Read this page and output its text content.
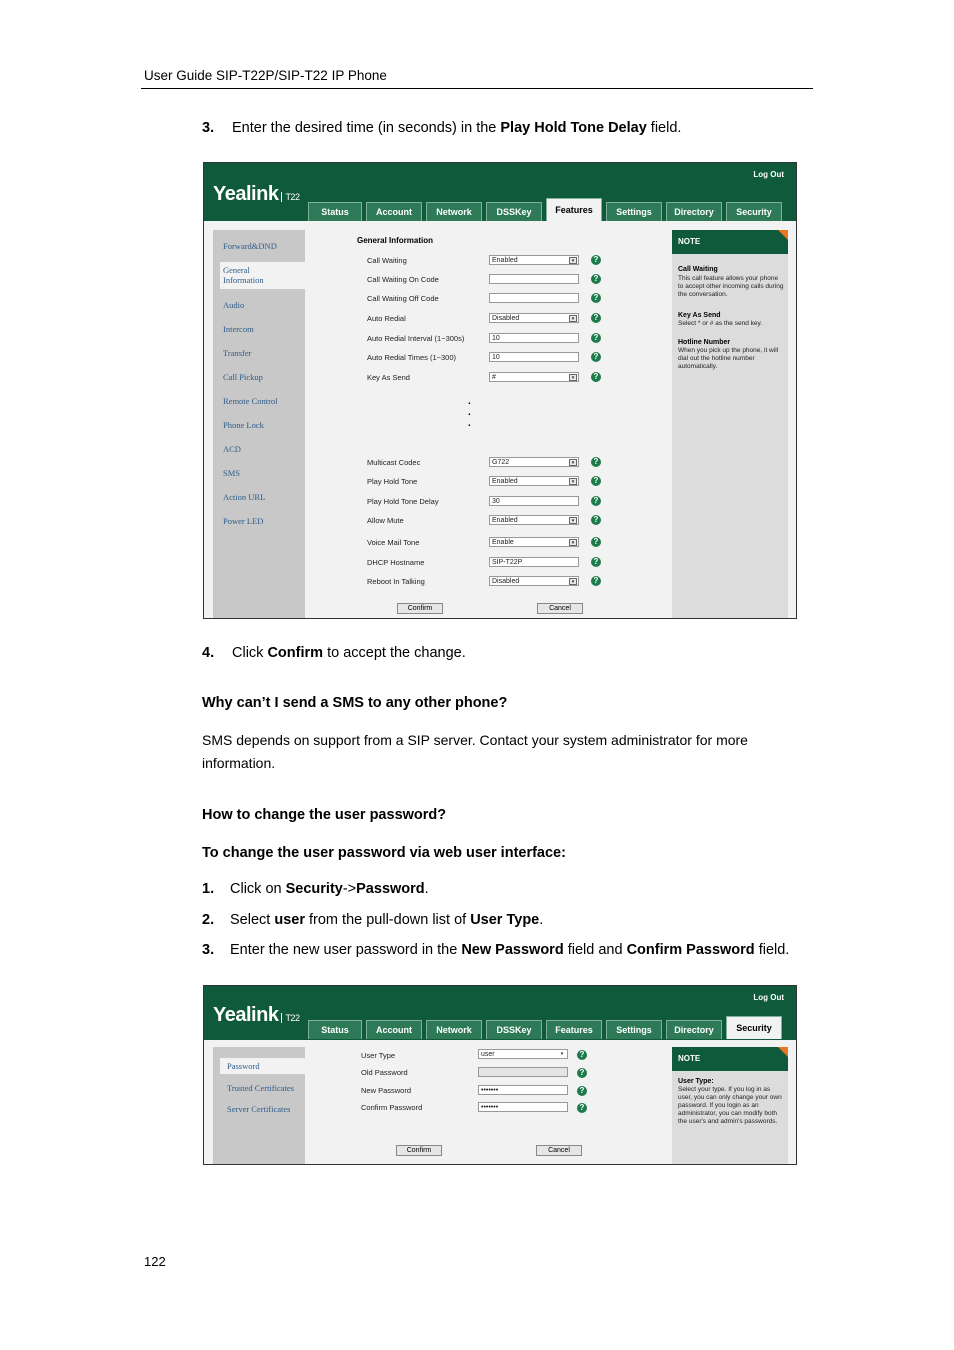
User Guide SIP-T22P/SIP-T22 IP Phone
3. Enter the desired time (in seconds) in the Play Hold Tone Delay field.
Yealink T22
Log Out
Status	Account	Network	DSSKey	Features	Settings	Directory	Security
Forward&DND
General Information
Audio
Intercom
Transfer
Call Pickup
Remote Control
Phone Lock
ACD
SMS
Action URL
Power LED
General Information
Call Waiting	Enabled	▾	?
Call Waiting On Code	?
Call Waiting Off Code	?
Auto Redial	Disabled	▾	?
Auto Redial Interval (1~300s)	10	?
Auto Redial Times (1~300)	10	?
Key As Send	#	▾	?
.
.
.
Multicast Codec	G722	▾	?
Play Hold Tone	Enabled	▾	?
Play Hold Tone Delay	30	?
Allow Mute	Enabled	▾	?
Voice Mail Tone	Enable	▾	?
DHCP Hostname	SIP-T22P	?
Reboot In Talking	Disabled	▾	?
Confirm	Cancel
NOTE
Call Waiting
This call feature allows your phone to accept other incoming calls during the conversation.
Key As Send
Select * or # as the send key.
Hotline Number
When you pick up the phone, it will dial out the hotline number automatically.
4. Click Confirm to accept the change.
Why can’t I send a SMS to any other phone?
SMS depends on support from a SIP server. Contact your system administrator for more information.
How to change the user password?
To change the user password via web user interface:
1. Click on Security->Password.
2. Select user from the pull-down list of User Type.
3. Enter the new user password in the New Password field and Confirm Password field.
Yealink T22
Log Out
Status	Account	Network	DSSKey	Features	Settings	Directory	Security
Password
Trusted Certificates
Server Certificates
User Type	user	▾	?
Old Password	?
New Password	•••••••	?
Confirm Password	•••••••	?
Confirm	Cancel
NOTE
User Type:
Select your type. If you log in as user, you can only change your own password. If you login as an administrator, you can modify both the user's and admin's passwords.
122
